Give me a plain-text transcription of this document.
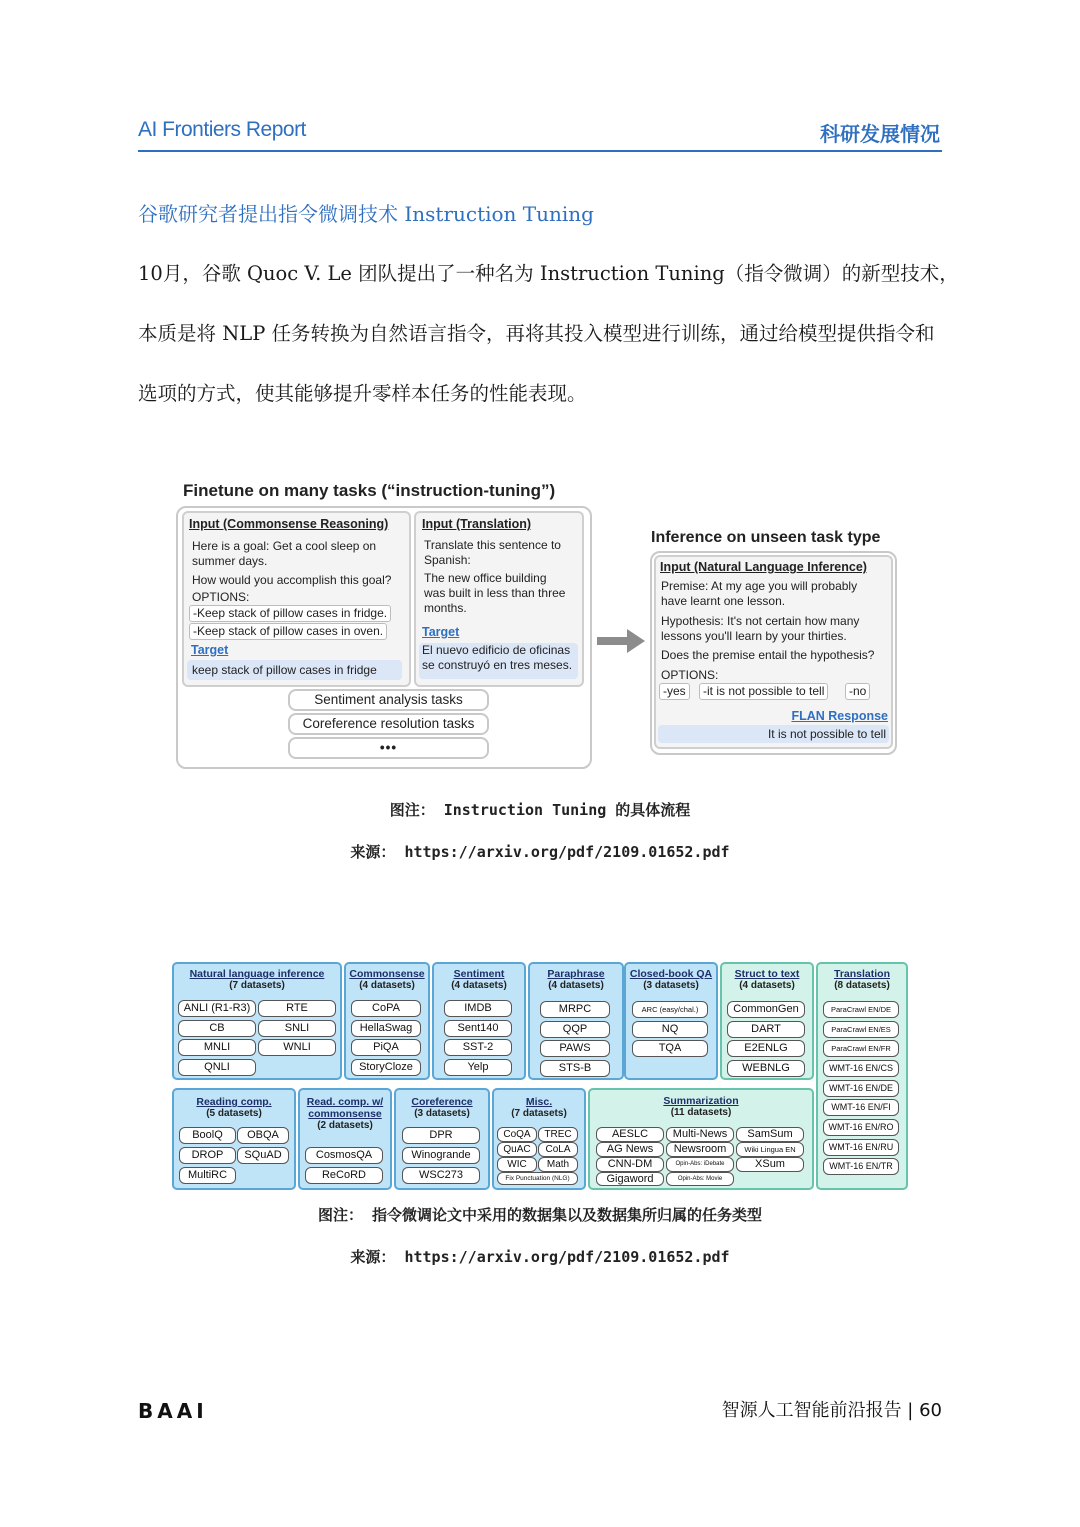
AI Frontiers Report	科研发展情况
谷歌研究者提出指令微调技术 Instruction Tuning
10月，谷歌 Quoc V. Le 团队提出了一种名为 Instruction Tuning（指令微调）的新型技术，
本质是将 NLP 任务转换为自然语言指令，再将其投入模型进行训练，通过给模型提供指令和
选项的方式，使其能够提升零样本任务的性能表现。
Finetune on many tasks (“instruction-tuning”)
Input (Commonsense Reasoning)
Here is a goal: Get a cool sleep on
summer days.
How would you accomplish this goal?
OPTIONS:
-Keep stack of pillow cases in fridge.
-Keep stack of pillow cases in oven.
Target
keep stack of pillow cases in fridge
Input (Translation)
Translate this sentence to
Spanish:
The new office building
was built in less than three
months.
Target
El nuevo edificio de oficinas
se construyó en tres meses.
Sentiment analysis tasks
Coreference resolution tasks
•••
Inference on unseen task type
Input (Natural Language Inference)
Premise: At my age you will probably
have learnt one lesson.
Hypothesis: It's not certain how many
lessons you'll learn by your thirties.
Does the premise entail the hypothesis?
OPTIONS:
-yes	-it is not possible to tell	-no
FLAN Response
It is not possible to tell
图注： Instruction Tuning 的具体流程
来源： https://arxiv.org/pdf/2109.01652.pdf
Natural language inference
(7 datasets)
ANLI (R1-R3)	RTE
CB	SNLI
MNLI	WNLI
QNLI
Commonsense
(4 datasets)
CoPA
HellaSwag
PiQA
StoryCloze
Sentiment
(4 datasets)
IMDB
Sent140
SST-2
Yelp
Paraphrase
(4 datasets)
MRPC
QQP
PAWS
STS-B
Closed-book QA
(3 datasets)
ARC (easy/chal.)
NQ
TQA
Struct to text
(4 datasets)
CommonGen
DART
E2ENLG
WEBNLG
Translation
(8 datasets)
ParaCrawl EN/DE
ParaCrawl EN/ES
ParaCrawl EN/FR
WMT-16 EN/CS
WMT-16 EN/DE
WMT-16 EN/FI
WMT-16 EN/RO
WMT-16 EN/RU
WMT-16 EN/TR
Reading comp.
(5 datasets)
BoolQ	OBQA
DROP	SQuAD
MultiRC
Read. comp. w/
commonsense
(2 datasets)
CosmosQA
ReCoRD
Coreference
(3 datasets)
DPR
Winogrande
WSC273
Misc.
(7 datasets)
CoQA	TREC
QuAC	CoLA
WIC	Math
Fix Punctuation (NLG)
Summarization
(11 datasets)
AESLC	Multi-News	SamSum
AG News	Newsroom	Wiki Lingua EN
CNN-DM	Opin-Abs: iDebate	XSum
Gigaword	Opin-Abs: Movie
图注： 指令微调论文中采用的数据集以及数据集所归属的任务类型
来源： https://arxiv.org/pdf/2109.01652.pdf
BAAI	智源人工智能前沿报告 | 60
